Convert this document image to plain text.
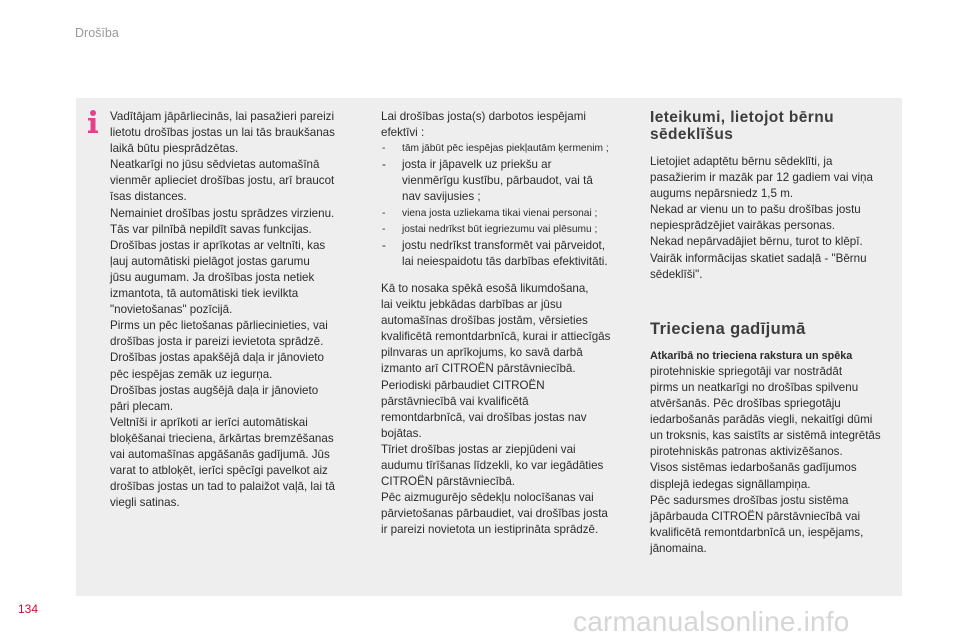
Drošība

Vadītājam jāpārliecinās, lai pasažieri pareizi
lietotu drošības jostas un lai tās braukšanas
laikā būtu piesprādzētas.
Neatkarīgi no jūsu sēdvietas automašīnā
vienmēr aplieciet drošības jostu, arī braucot
īsas distances.
Nemainiet drošības jostu sprādzes virzienu.
Tās var pilnībā nepildīt savas funkcijas.
Drošības jostas ir aprīkotas ar veltnīti, kas
ļauj automātiski pielāgot jostas garumu
jūsu augumam. Ja drošības josta netiek
izmantota, tā automātiski tiek ievilkta
"novietošanas" pozīcijā.
Pirms un pēc lietošanas pārliecinieties, vai
drošības josta ir pareizi ievietota sprādzē.
Drošības jostas apakšējā daļa ir jānovieto
pēc iespējas zemāk uz iegurņa.
Drošības jostas augšējā daļa ir jānovieto
pāri plecam.
Veltnīši ir aprīkoti ar ierīci automātiskai
bloķēšanai trieciena, ārkārtas bremzēšanas
vai automašīnas apgāšanās gadījumā. Jūs
varat to atbloķēt, ierīci spēcīgi pavelkot aiz
drošības jostas un tad to palaižot vaļā, lai tā
viegli satinas.

Lai drošības josta(s) darbotos iespējami
efektīvi :

- tām jābūt pēc iespējas piekļautām ķermenim ;
- josta ir jāpavelk uz priekšu ar
vienmērīgu kustību, pārbaudot, vai tā
nav savijusies ;
- viena josta uzliekama tikai vienai personai ;
- jostai nedrīkst būt iegriezumu vai plēsumu ;
- jostu nedrīkst transformēt vai pārveidot,
lai neiespaidotu tās darbības efektivitāti.

Kā to nosaka spēkā esošā likumdošana,
lai veiktu jebkādas darbības ar jūsu
automašīnas drošības jostām, vērsieties
kvalificētā remontdarbnīcā, kurai ir attiecīgās
pilnvaras un aprīkojums, ko savā darbā
izmanto arī CITROËN pārstāvniecībā.
Periodiski pārbaudiet CITROËN
pārstāvniecībā vai kvalificētā
remontdarbnīcā, vai drošības jostas nav
bojātas.
Tīriet drošības jostas ar ziepjūdeni vai
audumu tīrīšanas līdzekli, ko var iegādāties
CITROËN pārstāvniecībā.
Pēc aizmugurējo sēdekļu nolocīšanas vai
pārvietošanas pārbaudiet, vai drošības josta
ir pareizi novietota un iestiprināta sprādzē.

Ieteikumi, lietojot bērnu
sēdeklīšus

Lietojiet adaptētu bērnu sēdeklīti, ja
pasažierim ir mazāk par 12 gadiem vai viņa
augums nepārsniedz 1,5 m.
Nekad ar vienu un to pašu drošības jostu
nepiesprādzējiet vairākas personas.
Nekad nepārvadājiet bērnu, turot to klēpī.
Vairāk informācijas skatiet sadaļā - "Bērnu
sēdeklīši".

Trieciena gadījumā

Atkarībā no trieciena rakstura un spēka
pirotehniskie spriegotāji var nostrādāt
pirms un neatkarīgi no drošības spilvenu
atvēršanās. Pēc drošības spriegotāju
iedarbošanās parādās viegli, nekaitīgi dūmi
un troksnis, kas saistīts ar sistēmā integrētās
pirotehniskās patronas aktivizēšanos.
Visos sistēmas iedarbošanās gadījumos
displejā iedegas signāllampiņa.
Pēc sadursmes drošības jostu sistēma
jāpārbauda CITROËN pārstāvniecībā vai
kvalificētā remontdarbnīcā un, iespējams,
jānomaina.

134	carmanualsonline.info
